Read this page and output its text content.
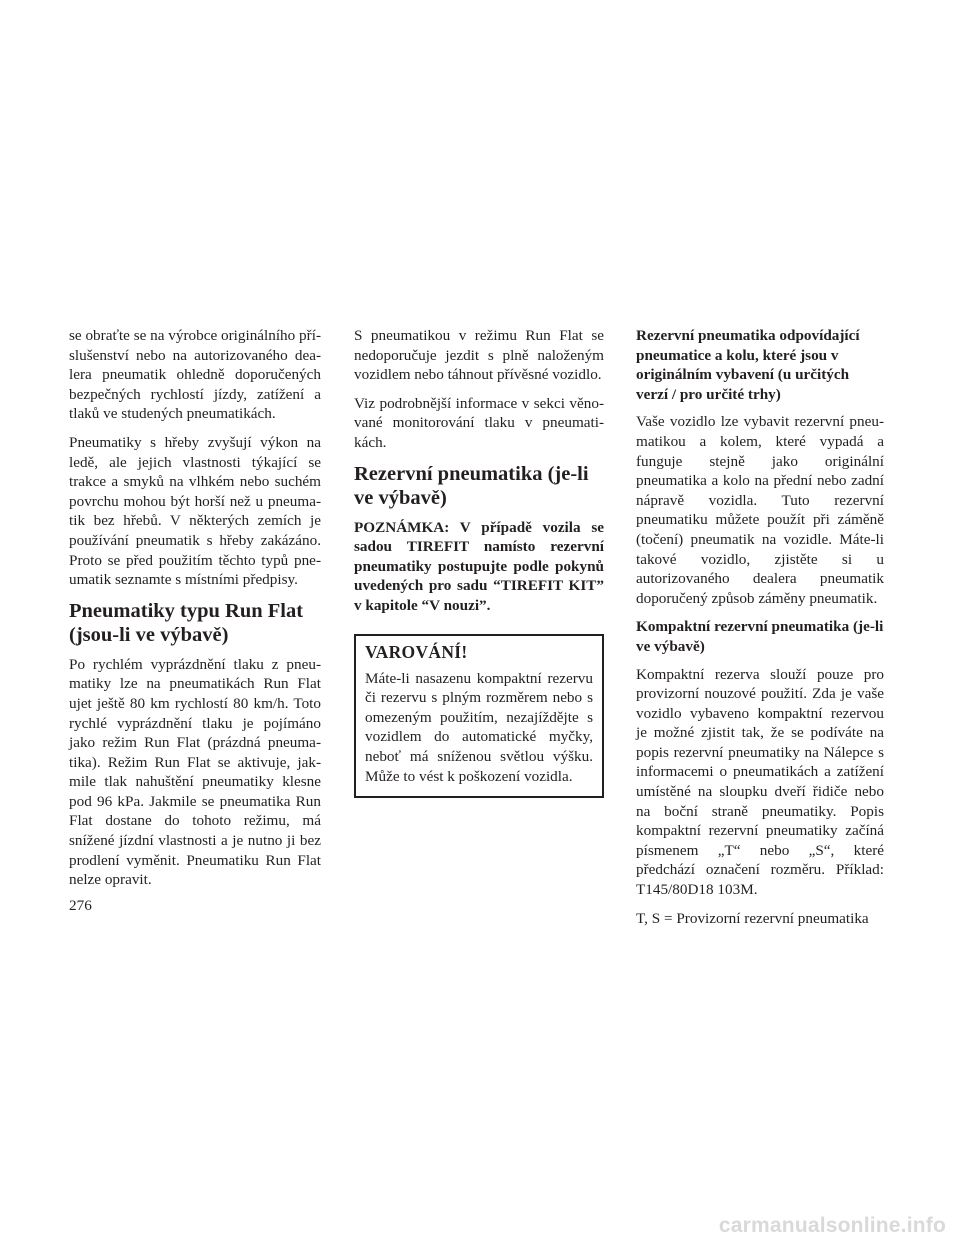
se obraťte se na výrobce originálního příslušenství nebo na autorizovaného dealera pneumatik ohledně doporučených bezpečných rychlostí jízdy, zatížení a tlaků ve studených pneumatikách.

Pneumatiky s hřeby zvyšují výkon na ledě, ale jejich vlastnosti týkající se trakce a smyků na vlhkém nebo suchém povrchu mohou být horší než u pneumatik bez hřebů. V některých zemích je používání pneumatik s hřeby zakázáno. Proto se před použitím těchto typů pneumatik seznamte s místními předpisy.

Pneumatiky typu Run Flat (jsou-li ve výbavě)

Po rychlém vyprázdnění tlaku z pneumatiky lze na pneumatikách Run Flat ujet ještě 80 km rychlostí 80 km/h. Toto rychlé vyprázdnění tlaku je pojímáno jako režim Run Flat (prázdná pneumatika). Režim Run Flat se aktivuje, jakmile tlak nahuštění pneumatiky klesne pod 96 kPa. Jakmile se pneumatika Run Flat dostane do tohoto režimu, má snížené jízdní vlastnosti a je nutno ji bez prodlení vyměnit. Pneumatiku Run Flat nelze opravit.

S pneumatikou v režimu Run Flat se nedoporučuje jezdit s plně naloženým vozidlem nebo táhnout přívěsné vozidlo.

Viz podrobnější informace v sekci věnované monitorování tlaku v pneumatikách.

Rezervní pneumatika (je-li ve výbavě)

POZNÁMKA: V případě vozila se sadou TIREFIT namísto rezervní pneumatiky postupujte podle pokynů uvedených pro sadu “TIREFIT KIT” v kapitole “V nouzi”.

VAROVÁNÍ!

Máte-li nasazenu kompaktní rezervu či rezervu s plným rozměrem nebo s omezeným použitím, nezajíždějte s vozidlem do automatické myčky, neboť má sníženou světlou výšku. Může to vést k poškození vozidla.

Rezervní pneumatika odpovídající pneumatice a kolu, které jsou v originálním vybavení (u určitých verzí / pro určité trhy)

Vaše vozidlo lze vybavit rezervní pneumatikou a kolem, které vypadá a funguje stejně jako originální pneumatika a kolo na přední nebo zadní nápravě vozidla. Tuto rezervní pneumatiku můžete použít při záměně (točení) pneumatik na vozidle. Máte-li takové vozidlo, zjistěte si u autorizovaného dealera pneumatik doporučený způsob záměny pneumatik.

Kompaktní rezervní pneumatika (je-li ve výbavě)

Kompaktní rezerva slouží pouze pro provizorní nouzové použití. Zda je vaše vozidlo vybaveno kompaktní rezervou je možné zjistit tak, že se podíváte na popis rezervní pneumatiky na Nálepce s informacemi o pneumatikách a zatížení umístěné na sloupku dveří řidiče nebo na boční straně pneumatiky. Popis kompaktní rezervní pneumatiky začíná písmenem „T“ nebo „S“, které předchází označení rozměru. Příklad: T145/80D18 103M.

T, S = Provizorní rezervní pneumatika

276
carmanualsonline.info
